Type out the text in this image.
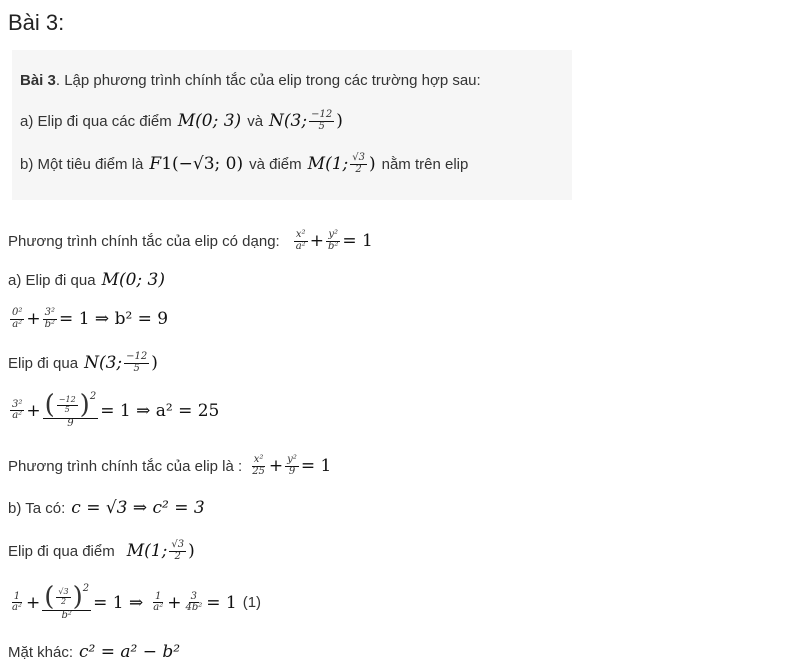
Bài 3:
Bài 3 . Lập phương trình chính tắc của elip trong các trường hợp sau:
a) Elip đi qua các điểm M(0; 3) và N(3; $\frac{-12}{5}$ )
b) Một tiêu điểm là F 1 (−√3; 0) và điểm M(1; $\frac{√3}{2}$ ) nằm trên elip
Phương trình chính tắc của elip có dạng: $\frac{\text{x²}}{\text{a²}} + \frac{\text{y²}}{\text{b²}} = 1$
a) Elip đi qua M(0; 3)
$\frac{\text{0²}}{\text{a²}} + \frac{\text{3²}}{\text{b²}} = 1$ ⇒ b² = 9
Elip đi qua N(3; $\frac{-12}{5}$ )
$\frac{\text{3²}}{\text{a²}} + \frac{( \frac{-12}{5} ) 2}{9} = 1$ ⇒ a² = 25
Phương trình chính tắc của elip là : $\frac{\text{x²}}{25} + \frac{\text{y²}}{9} = 1$
b) Ta có: c = √3 ⇒ c² = 3
Elip đi qua điểm M(1; $\frac{√3}{2}$ )
$\frac{1}{\text{a²}} + \frac{( \frac{√3}{2} ) 2}{\text{b²}} = 1$ ⇒ $\frac{1}{\text{a²}} + \frac{3}{\text{4b²}} = 1$ (1)
Mặt khác: c² = a² − b²
